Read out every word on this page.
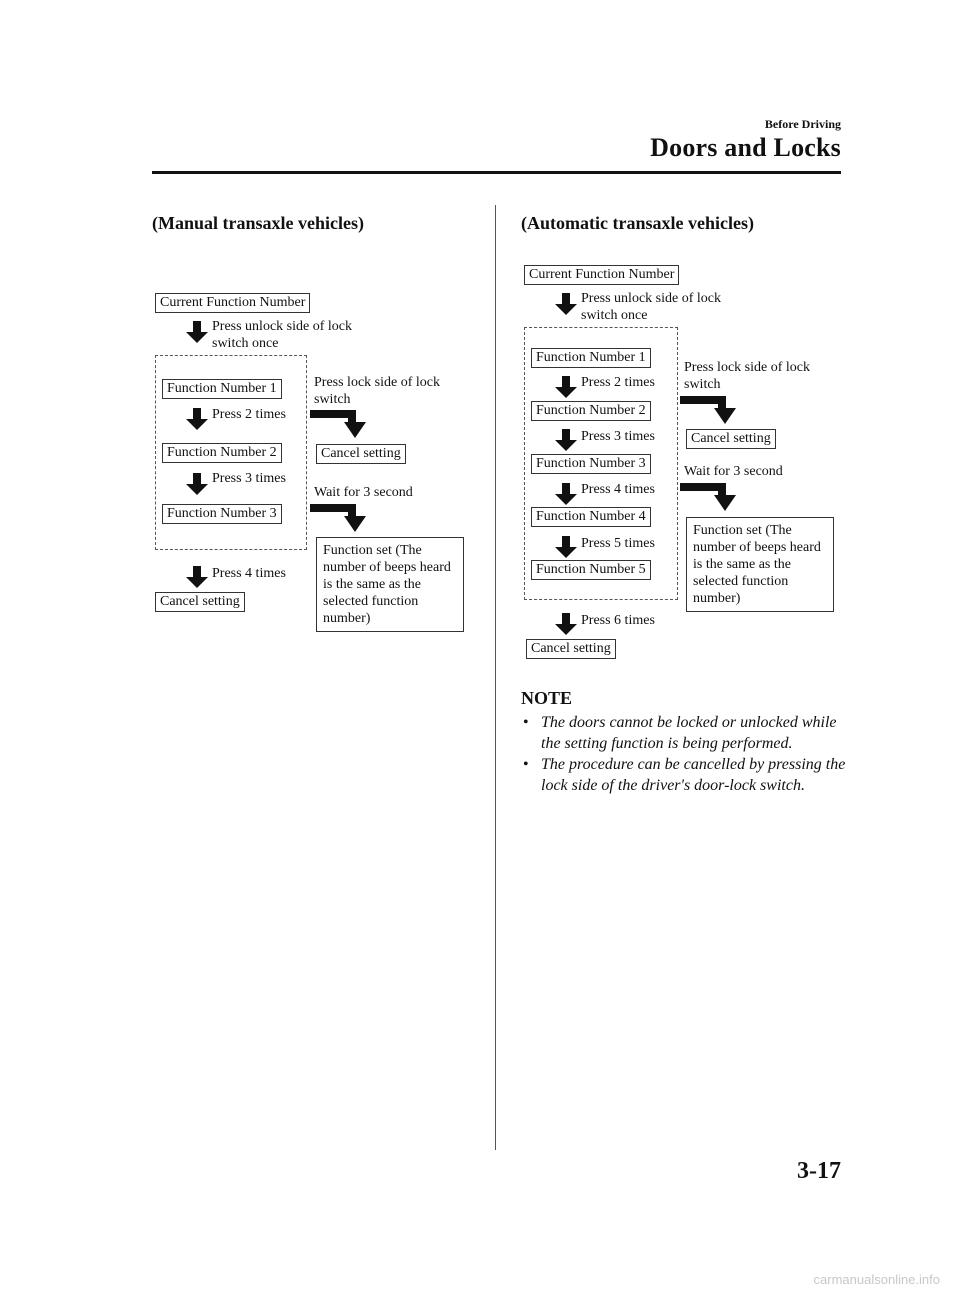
Before Driving
Doors and Locks
(Manual transaxle vehicles)
Current Function Number
Press unlock side of lock switch once
Function Number 1
Press 2 times
Function Number 2
Press 3 times
Function Number 3
Press 4 times
Cancel setting
Press lock side of lock switch
Cancel setting
Wait for 3 second
Function set (The number of beeps heard is the same as the selected function number)
(Automatic transaxle vehicles)
Current Function Number
Press unlock side of lock switch once
Function Number 1
Press 2 times
Function Number 2
Press 3 times
Function Number 3
Press 4 times
Function Number 4
Press 5 times
Function Number 5
Press 6 times
Cancel setting
Press lock side of lock switch
Cancel setting
Wait for 3 second
Function set (The number of beeps heard is the same as the selected function number)
NOTE
• The doors cannot be locked or unlocked while the setting function is being performed.
• The procedure can be cancelled by pressing the lock side of the driver's door-lock switch.
3-17
carmanualsonline.info
